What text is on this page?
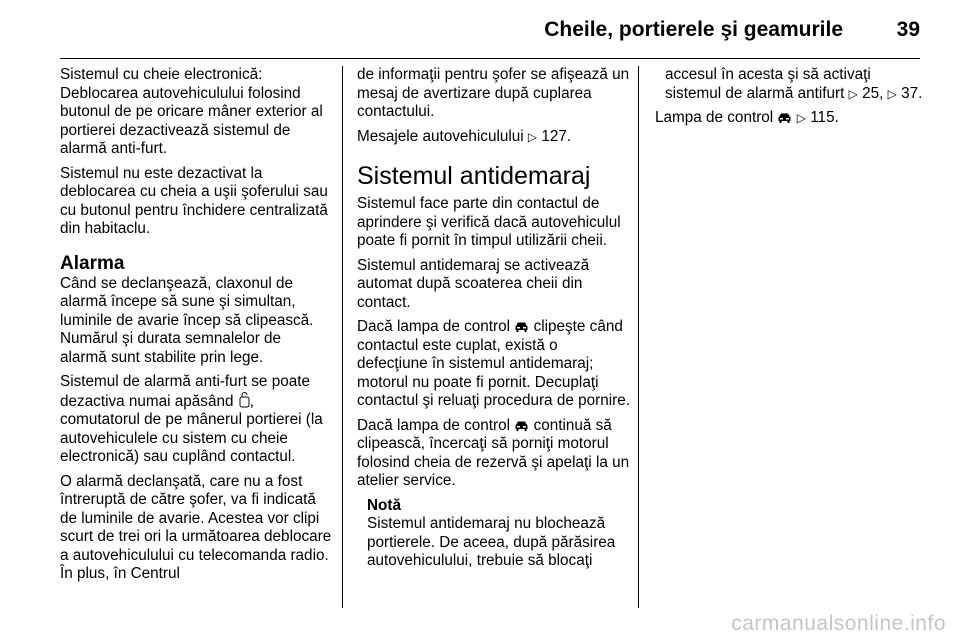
Cheile, portierele şi geamurile	39

Sistemul cu cheie electronică: Deblocarea autovehiculului folosind butonul de pe oricare mâner exterior al portierei dezactivează sistemul de alarmă anti-furt.

Sistemul nu este dezactivat la deblocarea cu cheia a uşii şoferului sau cu butonul pentru închidere centralizată din habitaclu.

Alarma

Când se declanşează, claxonul de alarmă începe să sune şi simultan, luminile de avarie încep să clipească. Numărul şi durata semnalelor de alarmă sunt stabilite prin lege.

Sistemul de alarmă anti-furt se poate dezactiva numai apăsând , comutatorul de pe mânerul portierei (la autovehiculele cu sistem cu cheie electronică) sau cuplând contactul.

O alarmă declanşată, care nu a fost întreruptă de către şofer, va fi indicată de luminile de avarie. Acestea vor clipi scurt de trei ori la următoarea deblocare a autovehiculului cu telecomanda radio. În plus, în Centrul

de informaţii pentru şofer se afişează un mesaj de avertizare după cuplarea contactului.

Mesajele autovehiculului ▷ 127.

Sistemul antidemaraj

Sistemul face parte din contactul de aprindere şi verifică dacă autovehiculul poate fi pornit în timpul utilizării cheii.

Sistemul antidemaraj se activează automat după scoaterea cheii din contact.

Dacă lampa de control clipeşte când contactul este cuplat, există o defecţiune în sistemul antidemaraj; motorul nu poate fi pornit. Decuplaţi contactul şi reluaţi procedura de pornire.

Dacă lampa de control continuă să clipească, încercaţi să porniţi motorul folosind cheia de rezervă şi apelaţi la un atelier service.

Notă
Sistemul antidemaraj nu blochează portierele. De aceea, după părăsirea autovehiculului, trebuie să blocaţi

accesul în acesta şi să activaţi sistemul de alarmă antifurt ▷ 25, ▷ 37.

Lampa de control ▷ 115.

carmanualsonline.info
